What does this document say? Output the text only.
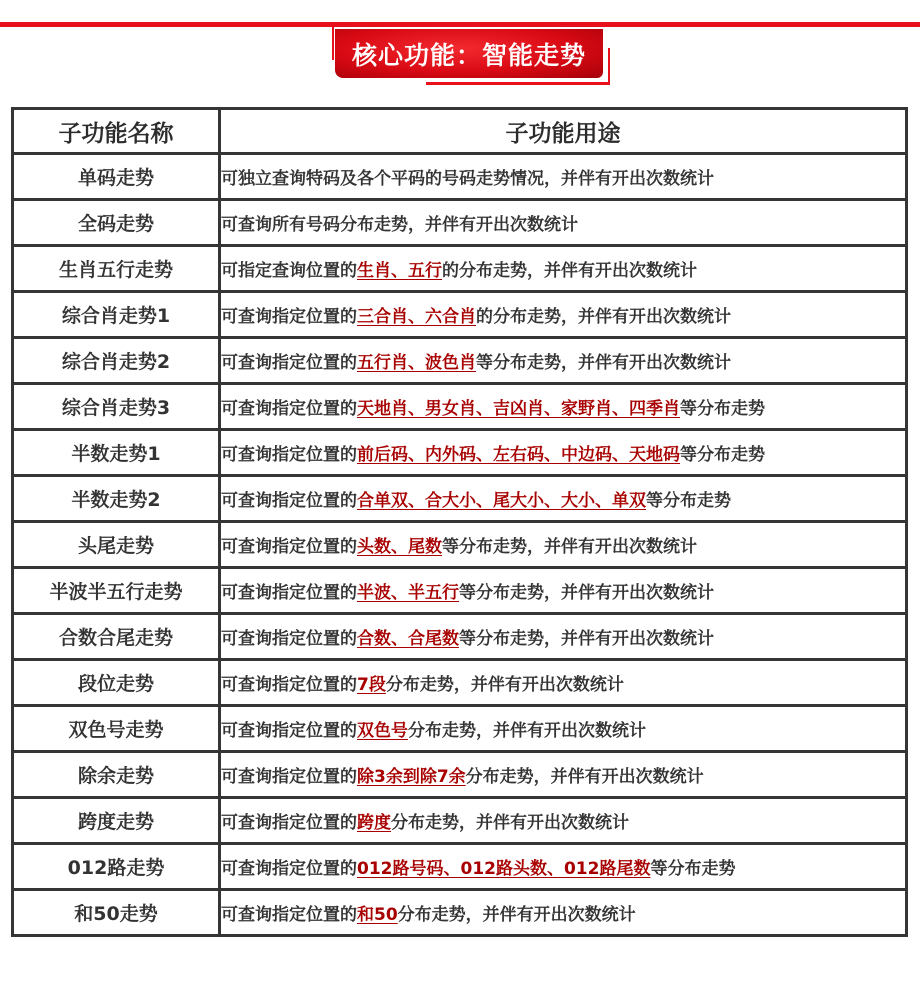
核心功能：智能走势
子功能名称	子功能用途
单码走势	可独立查询特码及各个平码的号码走势情况，并伴有开出次数统计
全码走势	可查询所有号码分布走势，并伴有开出次数统计
生肖五行走势	可指定查询位置的生肖、五行的分布走势，并伴有开出次数统计
综合肖走势1	可查询指定位置的三合肖、六合肖的分布走势，并伴有开出次数统计
综合肖走势2	可查询指定位置的五行肖、波色肖等分布走势，并伴有开出次数统计
综合肖走势3	可查询指定位置的天地肖、男女肖、吉凶肖、家野肖、四季肖等分布走势
半数走势1	可查询指定位置的前后码、内外码、左右码、中边码、天地码等分布走势
半数走势2	可查询指定位置的合单双、合大小、尾大小、大小、单双等分布走势
头尾走势	可查询指定位置的头数、尾数等分布走势，并伴有开出次数统计
半波半五行走势	可查询指定位置的半波、半五行等分布走势，并伴有开出次数统计
合数合尾走势	可查询指定位置的合数、合尾数等分布走势，并伴有开出次数统计
段位走势	可查询指定位置的7段分布走势，并伴有开出次数统计
双色号走势	可查询指定位置的双色号分布走势，并伴有开出次数统计
除余走势	可查询指定位置的除3余到除7余分布走势，并伴有开出次数统计
跨度走势	可查询指定位置的跨度分布走势，并伴有开出次数统计
012路走势	可查询指定位置的012路号码、012路头数、012路尾数等分布走势
和50走势	可查询指定位置的和50分布走势，并伴有开出次数统计
